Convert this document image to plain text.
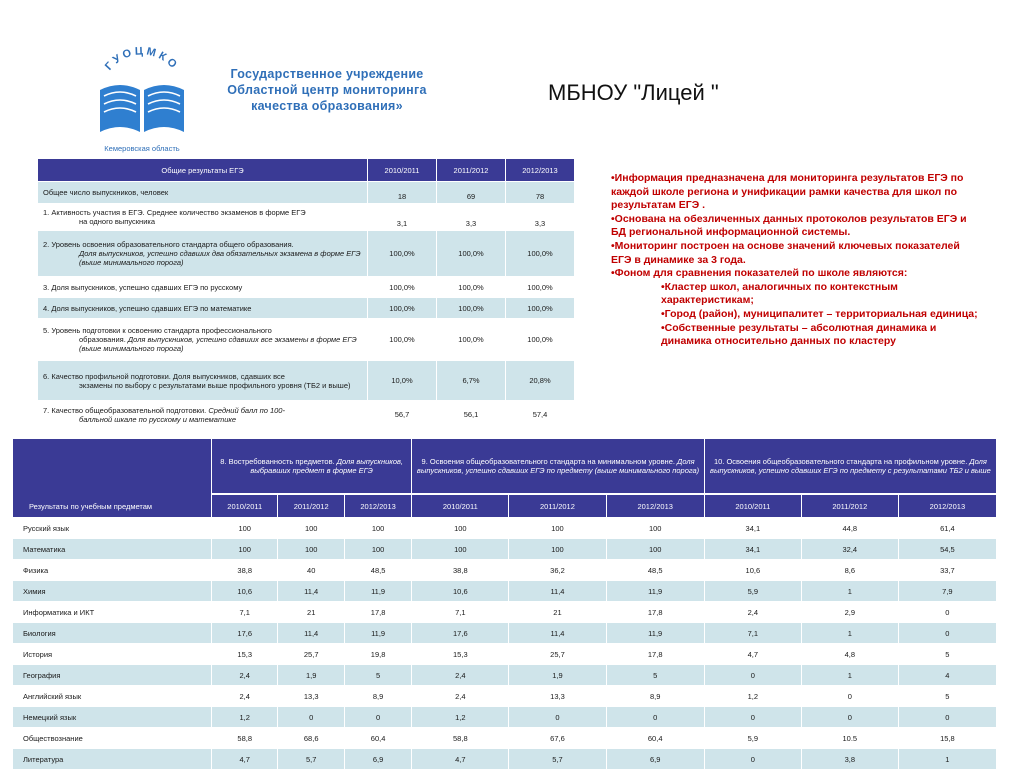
ГУОЦМКО
Кемеровская область
Государственное учреждение
Областной центр мониторинга
качества образования»
МБНОУ "Лицей "
Общие результаты ЕГЭ	2010/2011	2011/2012	2012/2013
Общее число выпускников, человек	18	69	78
1. Активность участия в ЕГЭ. Среднее количество экзаменов в форме ЕГЭ
на одного выпускника	3,1	3,3	3,3
2. Уровень освоения образовательного стандарта общего образования.
Доля выпускников, успешно сдавших два обязательных экзамена в форме ЕГЭ (выше минимального порога)	100,0%	100,0%	100,0%
3. Доля выпускников, успешно сдавших ЕГЭ по русскому	100,0%	100,0%	100,0%
4. Доля выпускников, успешно сдавших ЕГЭ по математике	100,0%	100,0%	100,0%
5. Уровень подготовки к освоению стандарта профессионального
образования. Доля выпускников, успешно сдавших все экзамены в форме ЕГЭ (выше минимального порога)	100,0%	100,0%	100,0%
6. Качество профильной подготовки. Доля выпускников, сдавших все
экзамены по выбору с результатами выше профильного уровня (ТБ2 и выше)	10,0%	6,7%	20,8%
7. Качество общеобразовательной подготовки. Средний балл по 100-
балльной шкале по русскому и математике	56,7	56,1	57,4

•Информация предназначена для мониторинга результатов ЕГЭ по каждой школе региона и унификации рамки качества для школ по результатам ЕГЭ .

•Основана на обезличенных данных протоколов результатов ЕГЭ и БД региональной информационной системы.

•Мониторинг построен на основе значений ключевых показателей ЕГЭ в динамике за 3 года.

•Фоном для сравнения показателей по школе являются:

•Кластер школ, аналогичных по контекстным характеристикам;

•Город (район), муниципалитет – территориальная единица;

•Собственные результаты – абсолютная динамика и динамика относительно данных по кластеру

Результаты по учебным предметам	8. Востребованность предметов. Доля выпускников, выбравших предмет в форме ЕГЭ			9. Освоения общеобразовательного стандарта на минимальном уровне. Доля выпускников, успешно сдавших ЕГЭ по предмету (выше минимального порога)			10. Освоения общеобразовательного стандарта на профильном уровне. Доля выпускников, успешно сдавших ЕГЭ по предмету с результатами ТБ2 и выше		
	2010/2011	2011/2012	2012/2013	2010/2011	2011/2012	2012/2013	2010/2011	2011/2012	2012/2013
Русский язык	100	100	100	100	100	100	34,1	44,8	61,4
Математика	100	100	100	100	100	100	34,1	32,4	54,5
Физика	38,8	40	48,5	38,8	36,2	48,5	10,6	8,6	33,7
Химия	10,6	11,4	11,9	10,6	11,4	11,9	5,9	1	7,9
Информатика и ИКТ	7,1	21	17,8	7,1	21	17,8	2,4	2,9	0
Биология	17,6	11,4	11,9	17,6	11,4	11,9	7,1	1	0
История	15,3	25,7	19,8	15,3	25,7	17,8	4,7	4,8	5
География	2,4	1,9	5	2,4	1,9	5	0	1	4
Английский язык	2,4	13,3	8,9	2,4	13,3	8,9	1,2	0	5
Немецкий язык	1,2	0	0	1,2	0	0	0	0	0
Обществознание	58,8	68,6	60,4	58,8	67,6	60,4	5,9	10.5	15,8
Литература	4,7	5,7	6,9	4,7	5,7	6,9	0	3,8	1
